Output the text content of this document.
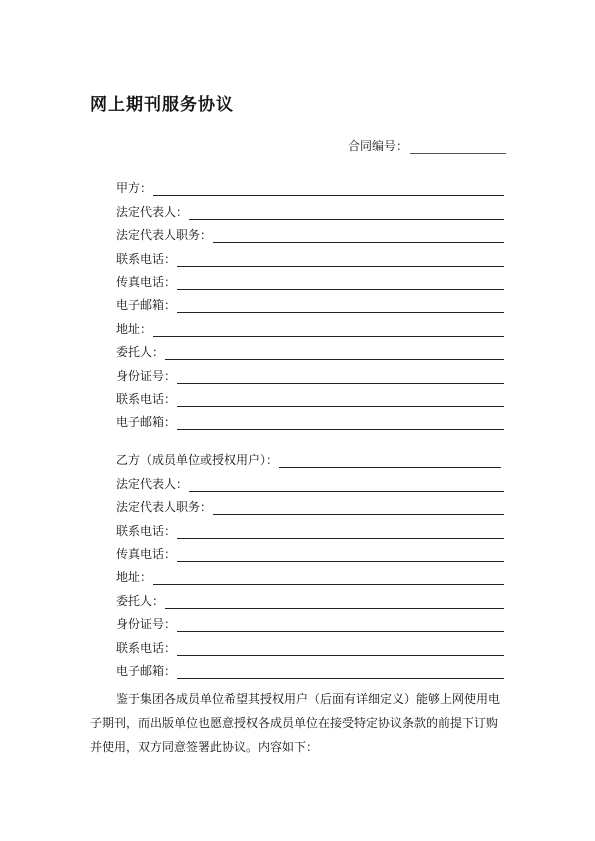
网上期刊服务协议
合同编号：
甲方：
法定代表人：
法定代表人职务：
联系电话：
传真电话：
电子邮箱：
地址：
委托人：
身份证号：
联系电话：
电子邮箱：
乙方（成员单位或授权用户）：
法定代表人：
法定代表人职务：
联系电话：
传真电话：
地址：
委托人：
身份证号：
联系电话：
电子邮箱：

鉴于集团各成员单位希望其授权用户（后面有详细定义）能够上网使用电子期刊，而出版单位也愿意授权各成员单位在接受特定协议条款的前提下订购并使用，双方同意签署此协议。内容如下：
